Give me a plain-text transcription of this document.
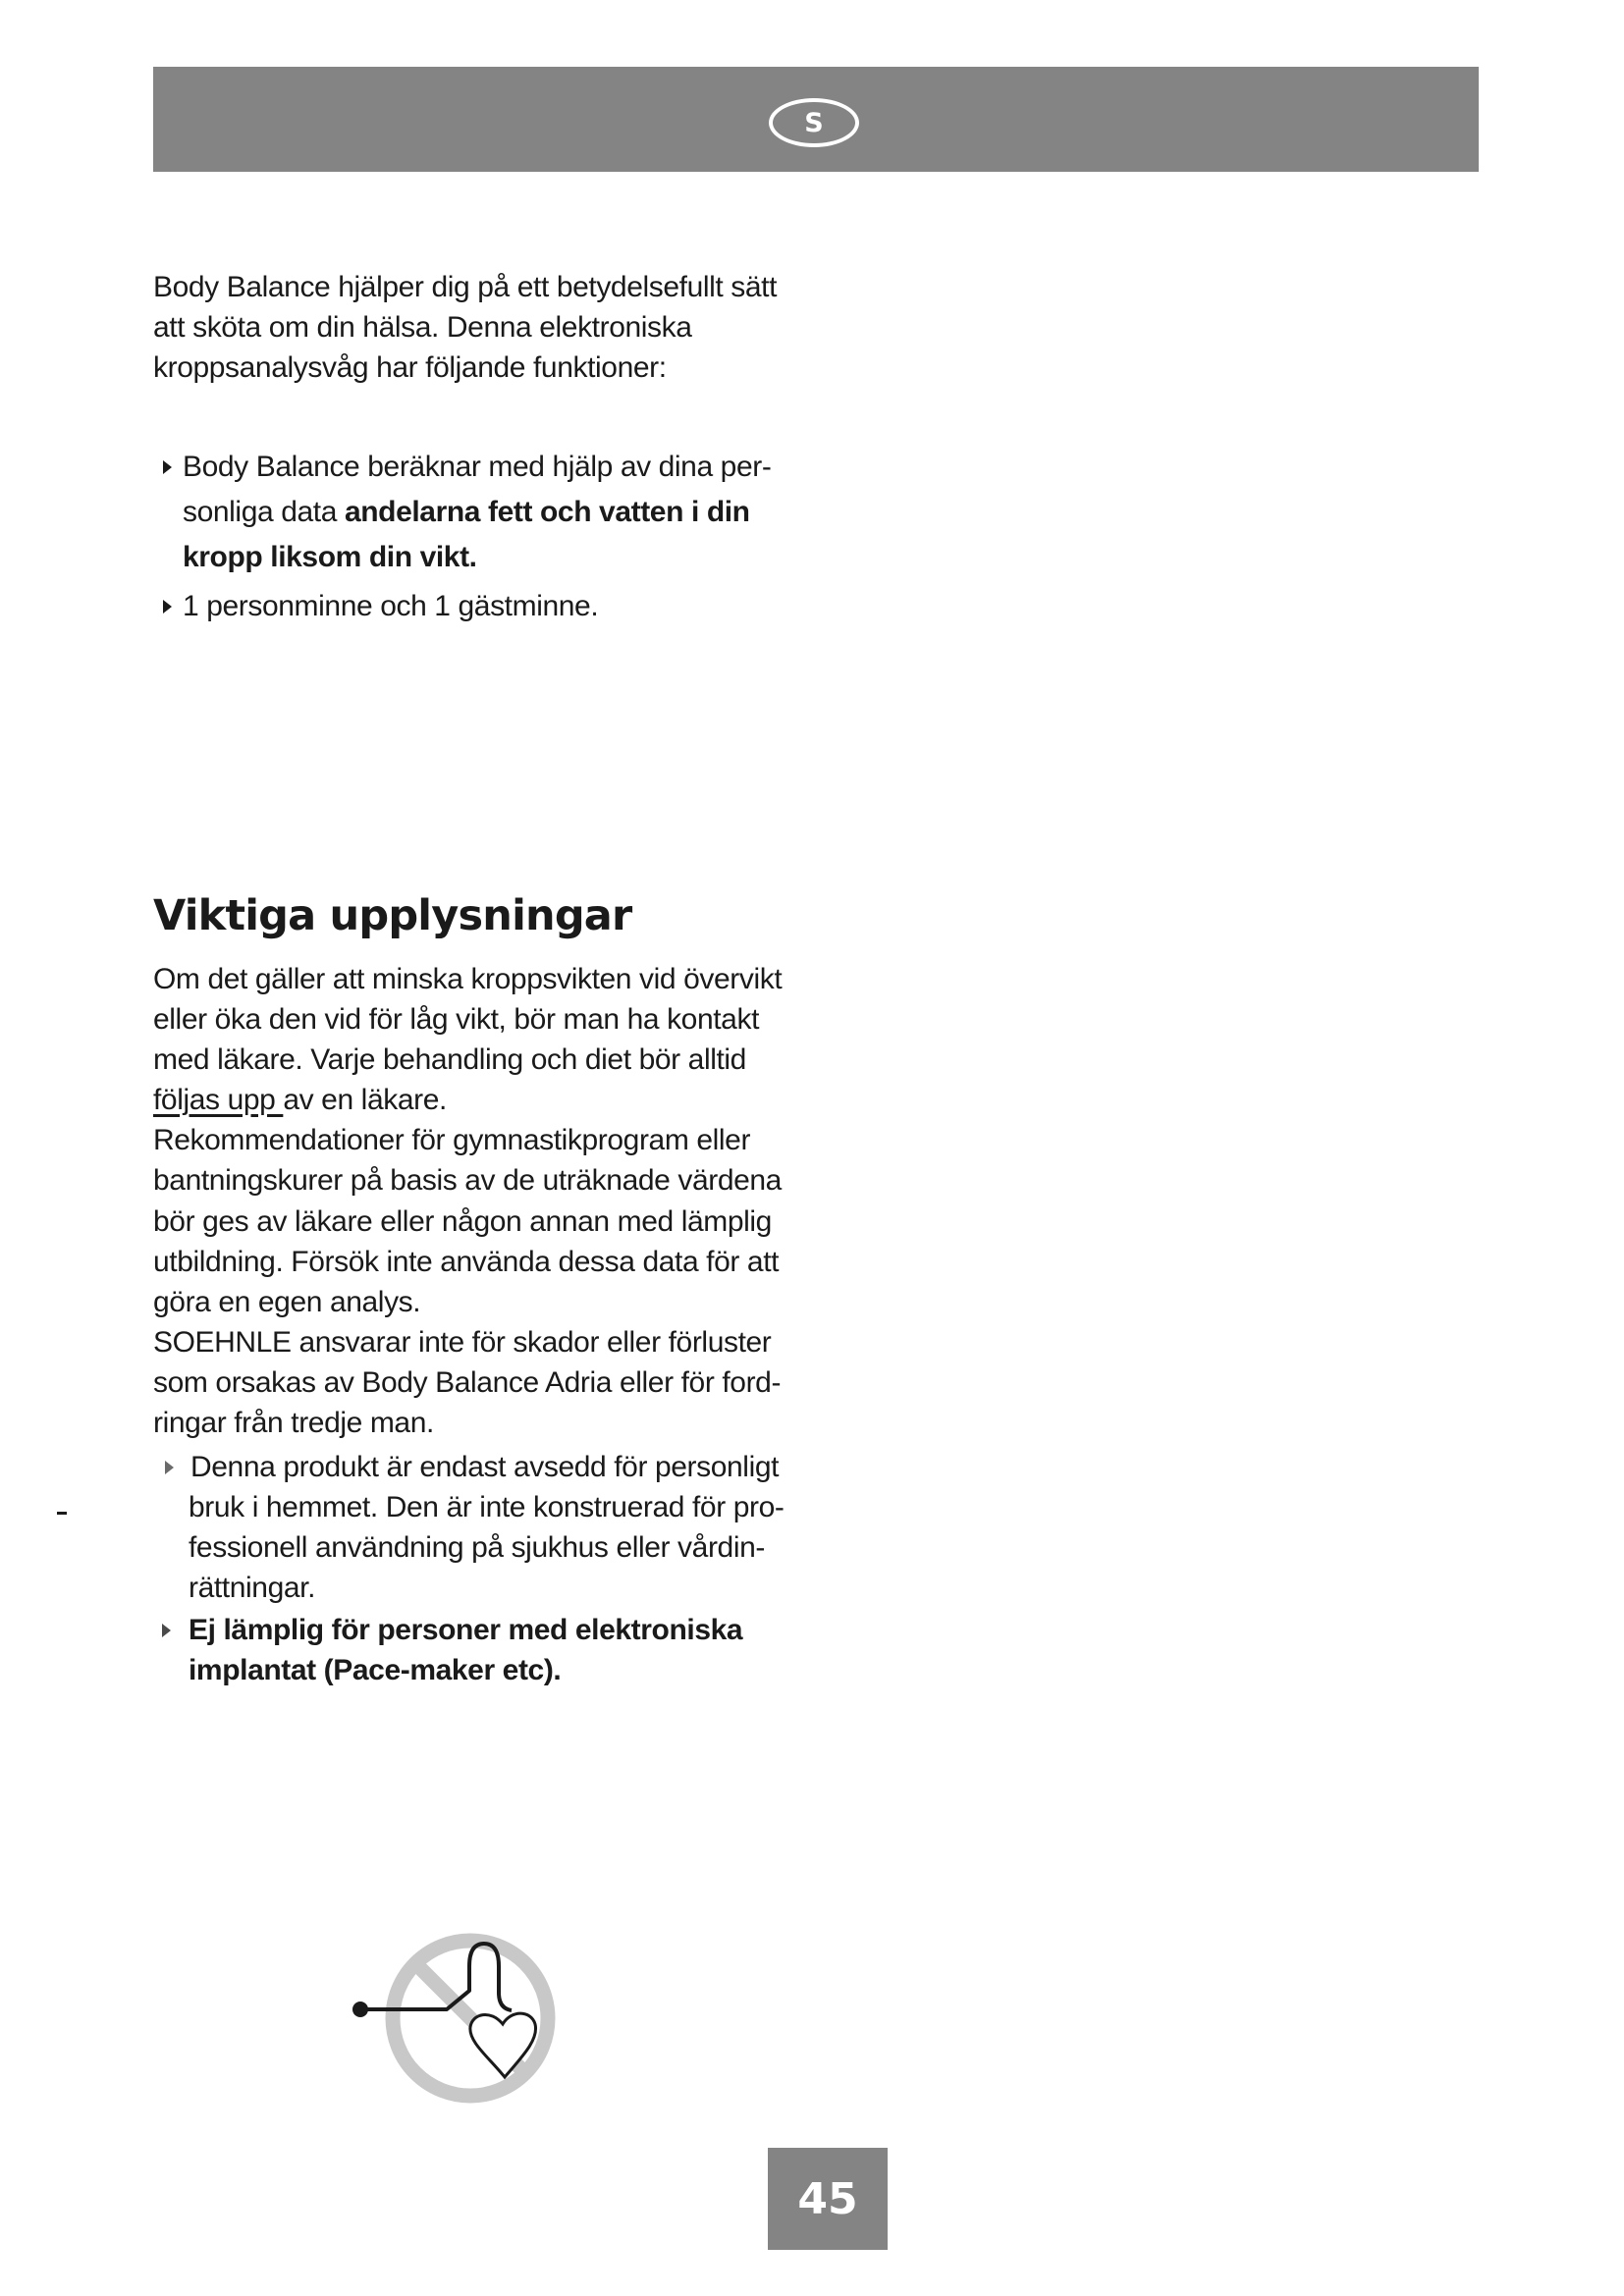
S

Body Balance hjälper dig på ett betydelsefullt sätt

att sköta om din hälsa. Denna elektroniska

kroppsanalysvåg har följande funktioner:

Body Balance beräknar med hjälp av dina per-
sonliga data andelarna fett och vatten i din
kropp liksom din vikt.
1 personminne och 1 gästminne.
Viktiga upplysningar

Om det gäller att minska kroppsvikten vid övervikt

eller öka den vid för låg vikt, bör man ha kontakt

med läkare. Varje behandling och diet bör alltid

följas upp av en läkare.

Rekommendationer för gymnastikprogram eller

bantningskurer på basis av de uträknade värdena

bör ges av läkare eller någon annan med lämplig

utbildning. Försök inte använda dessa data för att

göra en egen analys.

SOEHNLE ansvarar inte för skador eller förluster

som orsakas av Body Balance Adria eller för ford-

ringar från tredje man.

Denna produkt är endast avsedd för personligt
bruk i hemmet. Den är inte konstruerad för pro-
fessionell användning på sjukhus eller vårdin-
rättningar.
Ej lämplig för personer med elektroniska
implantat (Pace-maker etc).
45
